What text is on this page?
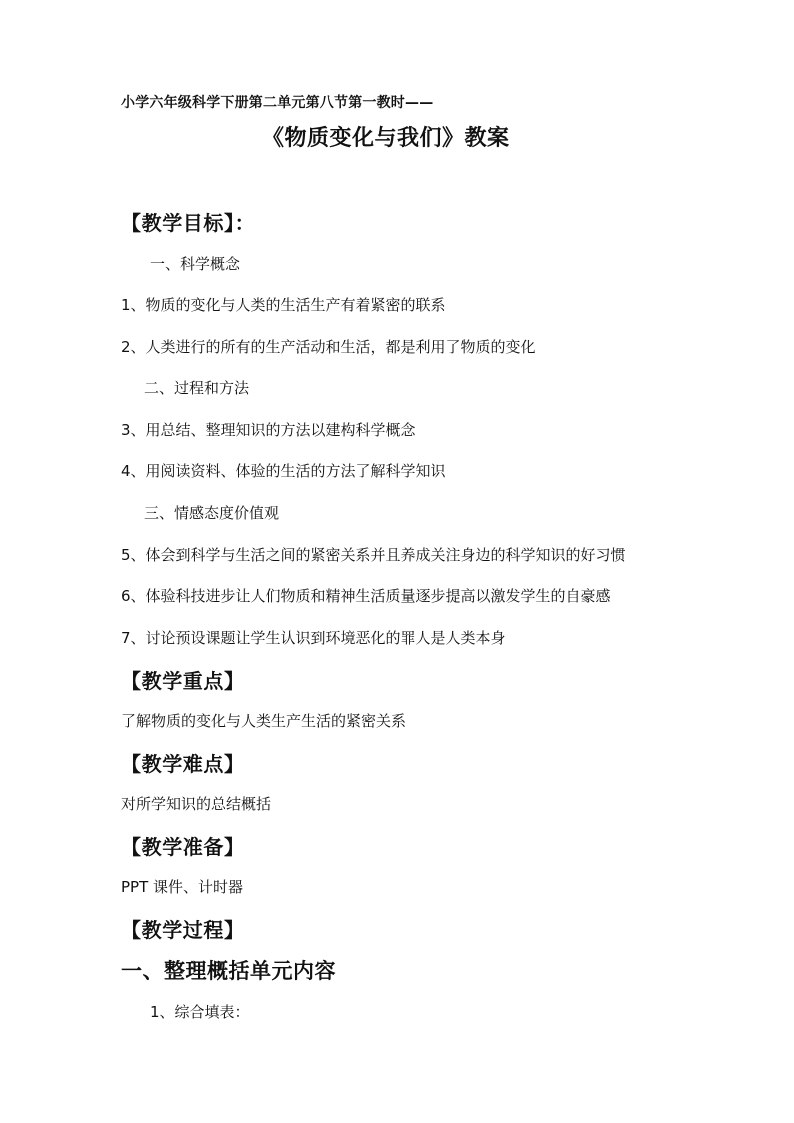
小学六年级科学下册第二单元第八节第一教时——
《物质变化与我们》教案
【教学目标】：
一、科学概念
1、物质的变化与人类的生活生产有着紧密的联系
2、人类进行的所有的生产活动和生活，都是利用了物质的变化
二、过程和方法
3、用总结、整理知识的方法以建构科学概念
4、用阅读资料、体验的生活的方法了解科学知识
三、情感态度价值观
5、体会到科学与生活之间的紧密关系并且养成关注身边的科学知识的好习惯
6、体验科技进步让人们物质和精神生活质量逐步提高以激发学生的自豪感
7、讨论预设课题让学生认识到环境恶化的罪人是人类本身
【教学重点】
了解物质的变化与人类生产生活的紧密关系
【教学难点】
对所学知识的总结概括
【教学准备】
PPT 课件、计时器
【教学过程】
一、整理概括单元内容
1、综合填表：
